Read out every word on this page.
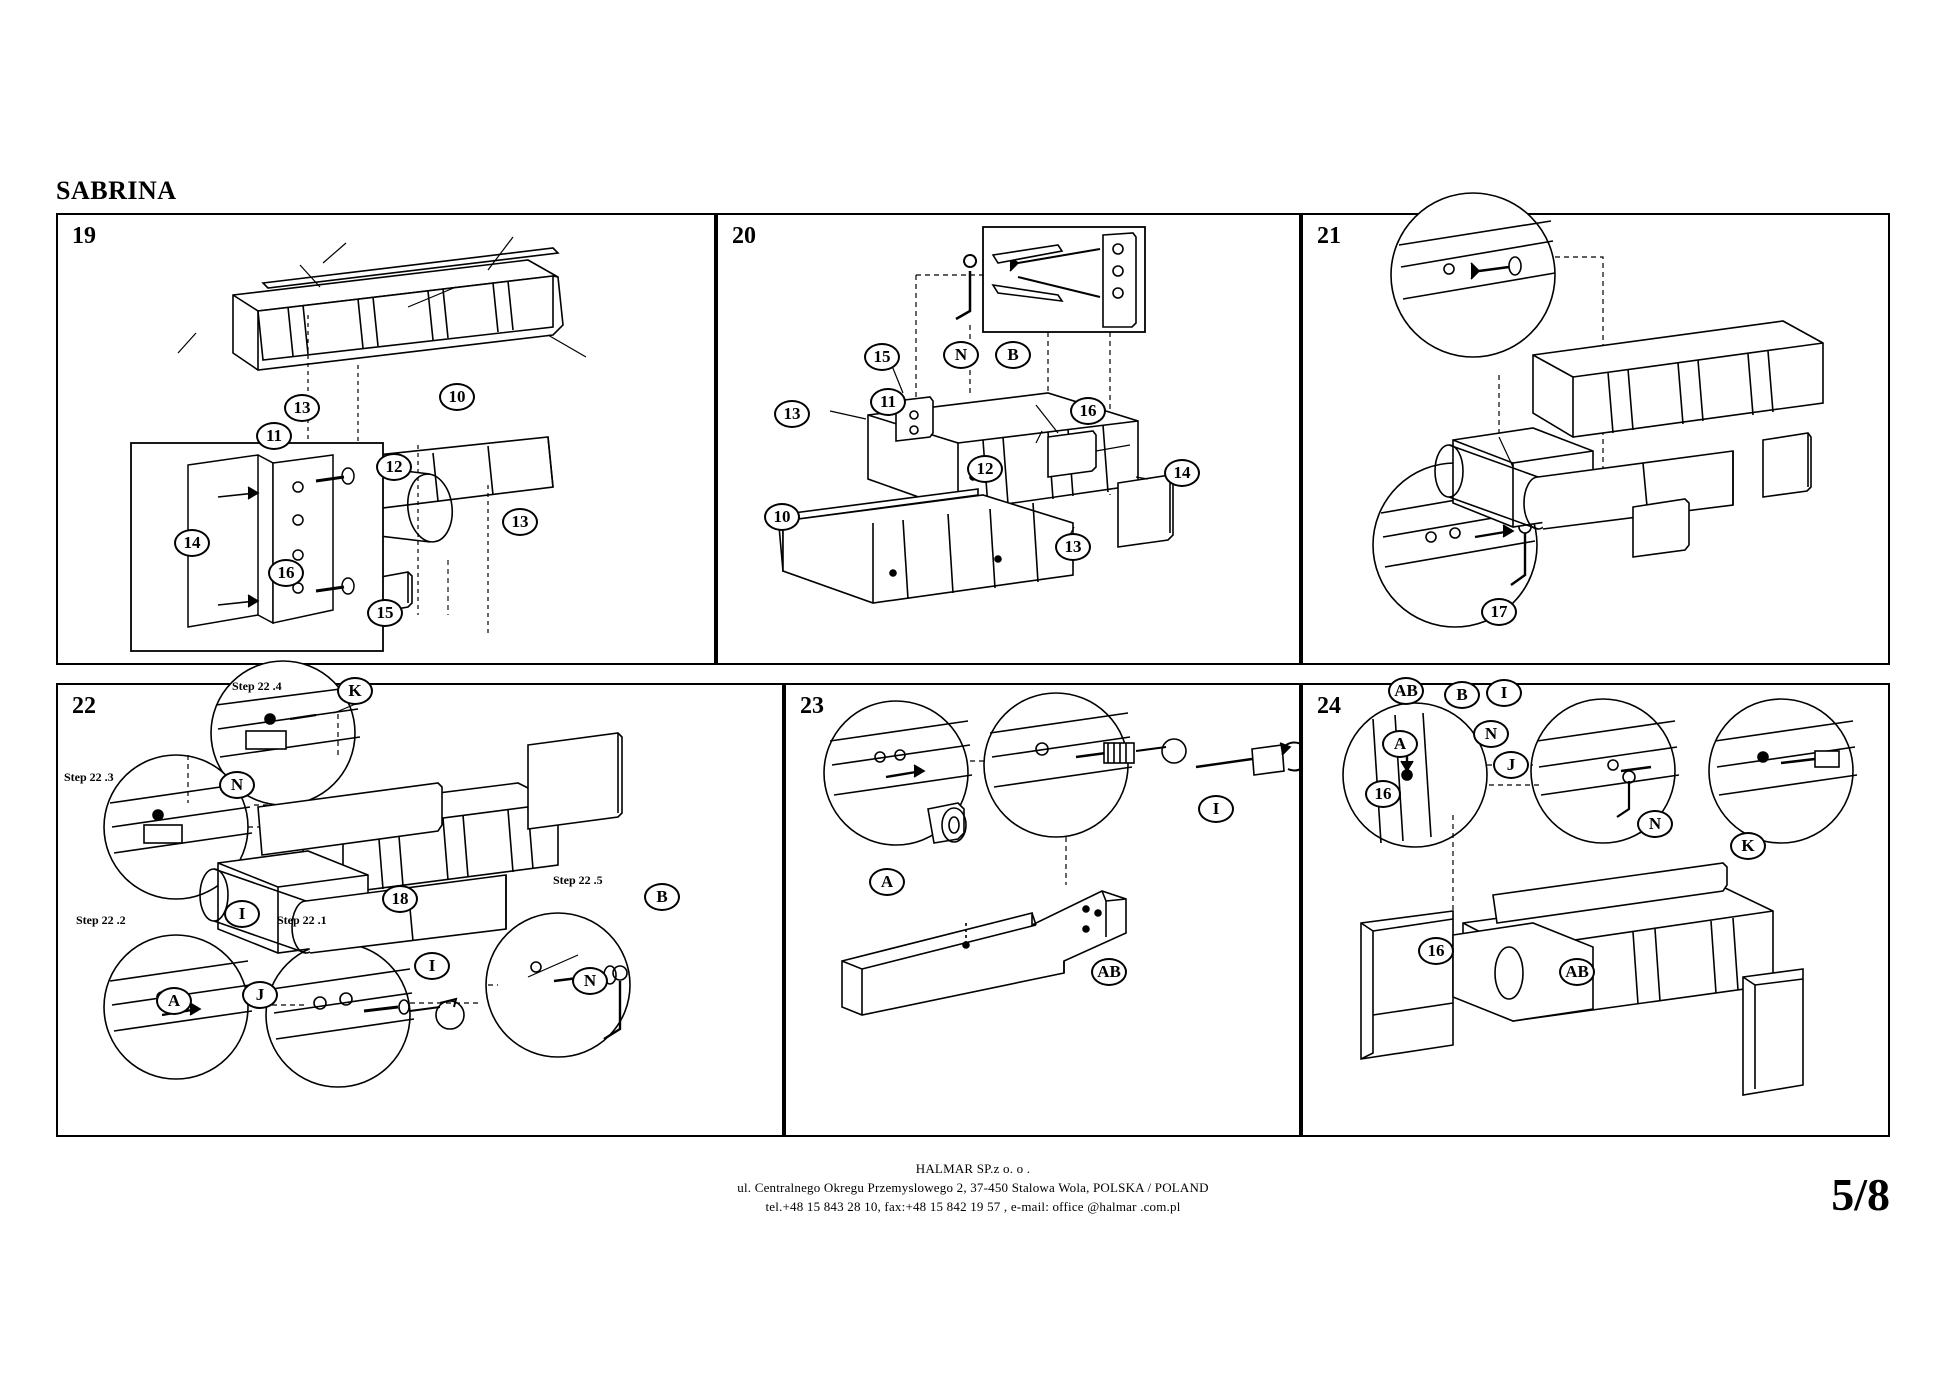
SABRINA
19
13
10
11
12
13
14
16
15
20
15	N	B
13
11	16
12	14
10
13
21
17
B
N
22
Step 22 .4
Step 22 .3
Step 22 .2	Step 22 .1
Step 22 .5
K
N
I
A	J
I
18	B
N
23
I
A
AB
24
AB	I
A
J
16
N
K
16
AB
HALMAR SP.z o. o .
ul. Centralnego Okregu Przemyslowego 2, 37-450 Stalowa Wola, POLSKA / POLAND
tel.+48 15 843 28 10, fax:+48 15 842 19 57 , e-mail: office @halmar .com.pl	5/8
